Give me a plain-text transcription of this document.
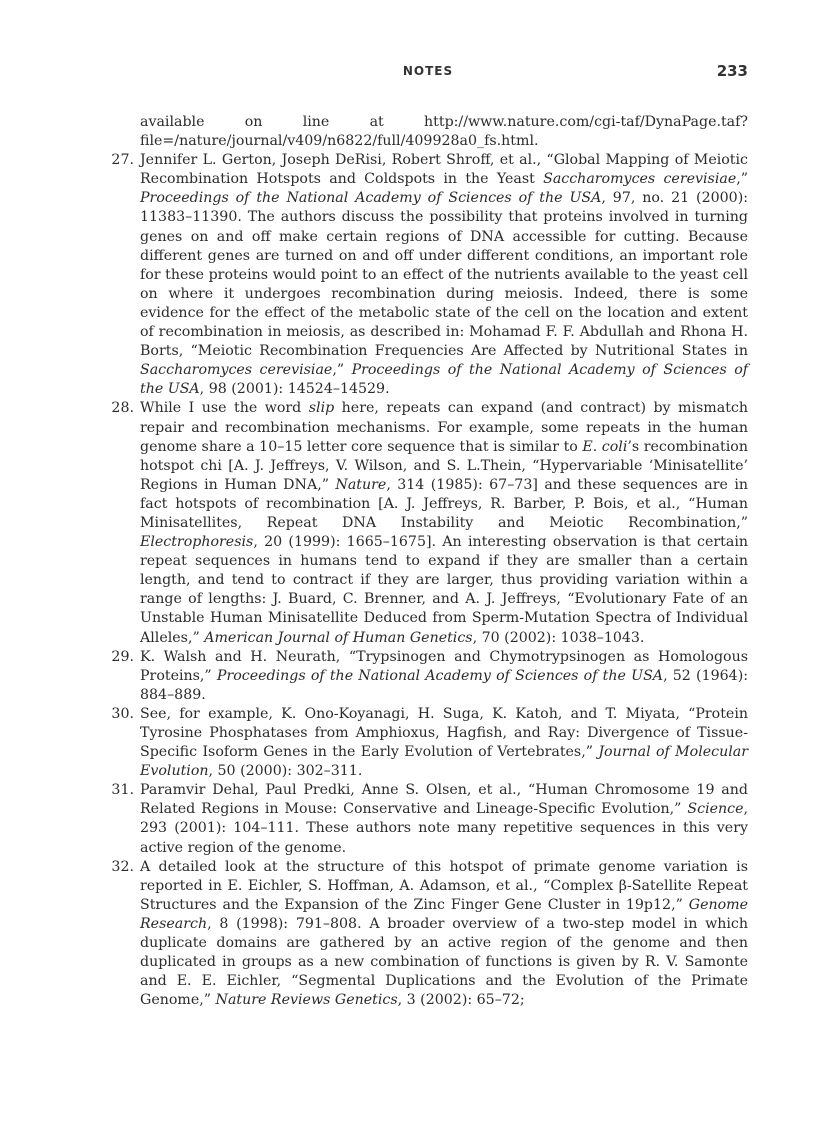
NOTES	233
available on line at http://www.nature.com/cgi-taf/DynaPage.taf?file=/nature/journal/v409/n6822/full/409928a0_fs.html.
27. Jennifer L. Gerton, Joseph DeRisi, Robert Shroff, et al., “Global Mapping of Meiotic Recombination Hotspots and Coldspots in the Yeast Saccharomyces cerevisiae,” Proceedings of the National Academy of Sciences of the USA, 97, no. 21 (2000): 11383–11390. The authors discuss the possibility that proteins involved in turning genes on and off make certain regions of DNA accessible for cutting. Because different genes are turned on and off under different conditions, an important role for these proteins would point to an effect of the nutrients available to the yeast cell on where it undergoes recombination during meiosis. Indeed, there is some evidence for the effect of the metabolic state of the cell on the location and extent of recombination in meiosis, as described in: Mohamad F. F. Abdullah and Rhona H. Borts, “Meiotic Recombination Frequencies Are Affected by Nutritional States in Saccharomyces cerevisiae,” Proceedings of the National Academy of Sciences of the USA, 98 (2001): 14524–14529.
28. While I use the word slip here, repeats can expand (and contract) by mismatch repair and recombination mechanisms. For example, some repeats in the human genome share a 10–15 letter core sequence that is similar to E. coli’s recombination hotspot chi [A. J. Jeffreys, V. Wilson, and S. L.Thein, “Hypervariable ‘Minisatellite’ Regions in Human DNA,” Nature, 314 (1985): 67–73] and these sequences are in fact hotspots of recombination [A. J. Jeffreys, R. Barber, P. Bois, et al., “Human Minisatellites, Repeat DNA Instability and Meiotic Recombination,” Electrophoresis, 20 (1999): 1665–1675]. An interesting observation is that certain repeat sequences in humans tend to expand if they are smaller than a certain length, and tend to contract if they are larger, thus providing variation within a range of lengths: J. Buard, C. Brenner, and A. J. Jeffreys, “Evolutionary Fate of an Unstable Human Minisatellite Deduced from Sperm-Mutation Spectra of Individual Alleles,” American Journal of Human Genetics, 70 (2002): 1038–1043.
29. K. Walsh and H. Neurath, “Trypsinogen and Chymotrypsinogen as Homologous Proteins,” Proceedings of the National Academy of Sciences of the USA, 52 (1964): 884–889.
30. See, for example, K. Ono-Koyanagi, H. Suga, K. Katoh, and T. Miyata, “Protein Tyrosine Phosphatases from Amphioxus, Hagfish, and Ray: Divergence of Tissue-Specific Isoform Genes in the Early Evolution of Vertebrates,” Journal of Molecular Evolution, 50 (2000): 302–311.
31. Paramvir Dehal, Paul Predki, Anne S. Olsen, et al., “Human Chromosome 19 and Related Regions in Mouse: Conservative and Lineage-Specific Evolution,” Science, 293 (2001): 104–111. These authors note many repetitive sequences in this very active region of the genome.
32. A detailed look at the structure of this hotspot of primate genome variation is reported in E. Eichler, S. Hoffman, A. Adamson, et al., “Complex β-Satellite Repeat Structures and the Expansion of the Zinc Finger Gene Cluster in 19p12,” Genome Research, 8 (1998): 791–808. A broader overview of a two-step model in which duplicate domains are gathered by an active region of the genome and then duplicated in groups as a new combination of functions is given by R. V. Samonte and E. E. Eichler, “Segmental Duplications and the Evolution of the Primate Genome,” Nature Reviews Genetics, 3 (2002): 65–72;
